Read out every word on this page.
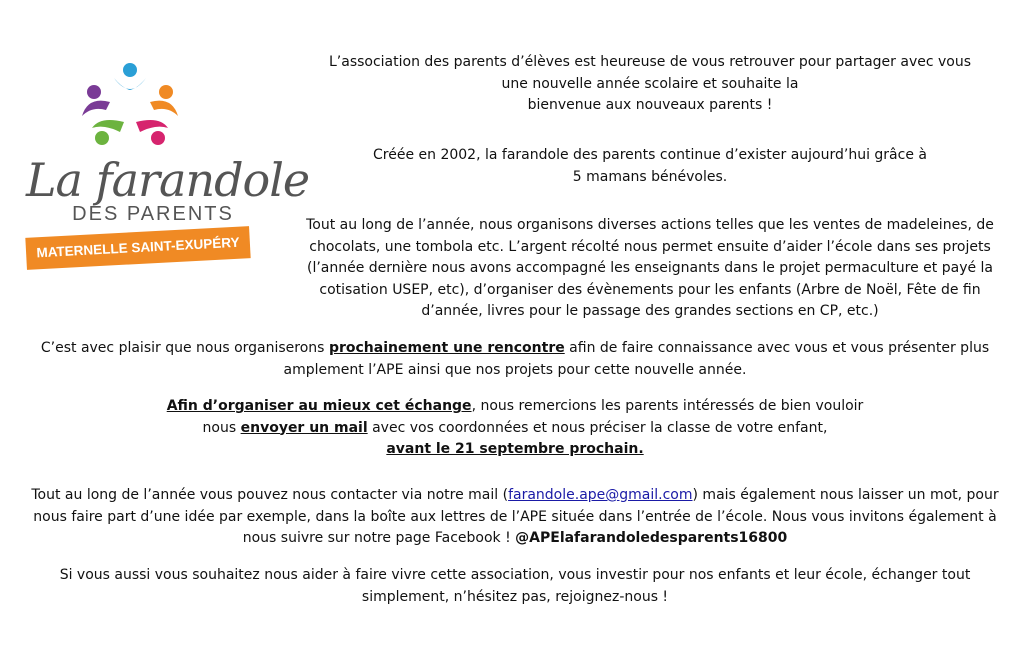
La farandole
DES PARENTS
MATERNELLE SAINT-EXUPÉRY
L’association des parents d’élèves est heureuse de vous retrouver pour partager avec vous
une nouvelle année scolaire et souhaite la
bienvenue aux nouveaux parents !
Créée en 2002, la farandole des parents continue d’exister aujourd’hui grâce à
5 mamans bénévoles.
Tout au long de l’année, nous organisons diverses actions telles que les ventes de madeleines, de
chocolats, une tombola etc. L’argent récolté nous permet ensuite d’aider l’école dans ses projets
(l’année dernière nous avons accompagné les enseignants dans le projet permaculture et payé la
cotisation USEP, etc), d’organiser des évènements pour les enfants (Arbre de Noël, Fête de fin
d’année, livres pour le passage des grandes sections en CP, etc.)
C’est avec plaisir que nous organiserons prochainement une rencontre afin de faire connaissance avec vous et vous présenter plus
amplement l’APE ainsi que nos projets pour cette nouvelle année.
Afin d’organiser au mieux cet échange, nous remercions les parents intéressés de bien vouloir
nous envoyer un mail avec vos coordonnées et nous préciser la classe de votre enfant,
avant le 21 septembre prochain.
Tout au long de l’année vous pouvez nous contacter via notre mail (farandole.ape@gmail.com) mais également nous laisser un mot, pour
nous faire part d’une idée par exemple, dans la boîte aux lettres de l’APE située dans l’entrée de l’école. Nous vous invitons également à
nous suivre sur notre page Facebook ! @APElafarandoledesparents16800
Si vous aussi vous souhaitez nous aider à faire vivre cette association, vous investir pour nos enfants et leur école, échanger tout
simplement, n’hésitez pas, rejoignez-nous !
